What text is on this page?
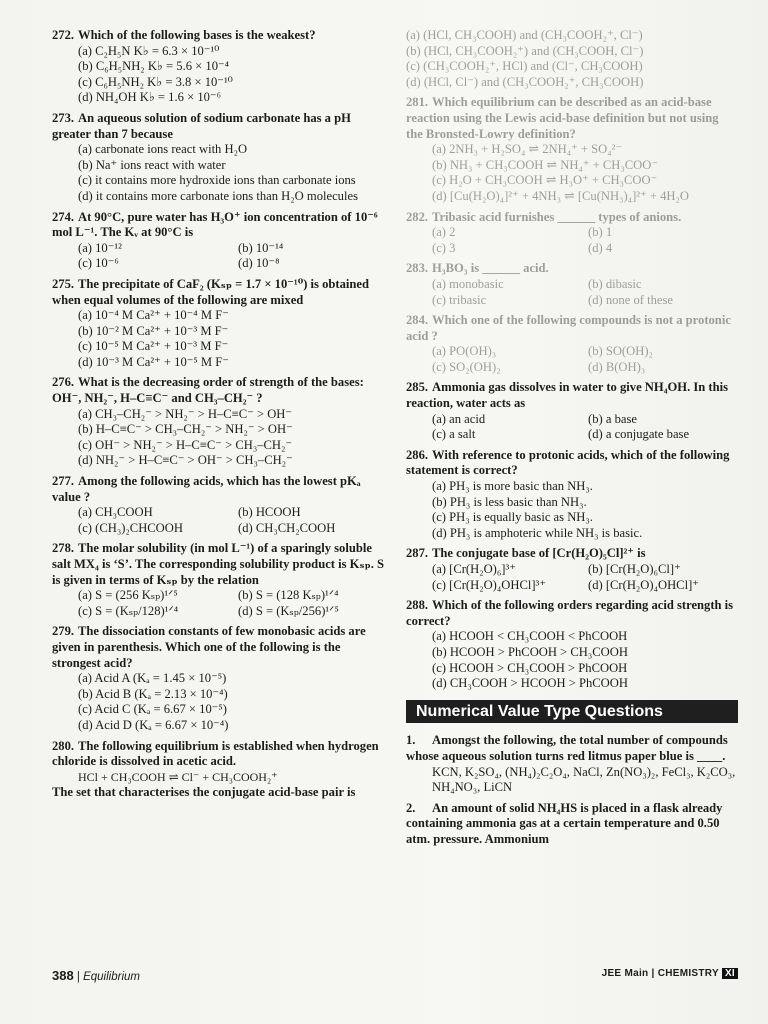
272. Which of the following bases is the weakest?
(a) C₂H₅N K♭ = 6.3 × 10⁻¹⁰
(b) C₆H₅NH₂ K♭ = 5.6 × 10⁻⁴
(c) C₆H₅NH₂ K♭ = 3.8 × 10⁻¹⁰
(d) NH₄OH K♭ = 1.6 × 10⁻⁶
273. An aqueous solution of sodium carbonate has a pH greater than 7 because
(a) carbonate ions react with H₂O
(b) Na⁺ ions react with water
(c) it contains more hydroxide ions than carbonate ions
(d) it contains more carbonate ions than H₂O molecules
274. At 90°C, pure water has H₃O⁺ ion concentration of 10⁻⁶ mol L⁻¹. The Kᵥ at 90°C is
(a) 10⁻¹²	(b) 10⁻¹⁴
(c) 10⁻⁶	(d) 10⁻⁸
275. The precipitate of CaF₂ (Kₛₚ = 1.7 × 10⁻¹⁰) is obtained when equal volumes of the following are mixed
(a) 10⁻⁴ M Ca²⁺ + 10⁻⁴ M F⁻
(b) 10⁻² M Ca²⁺ + 10⁻³ M F⁻
(c) 10⁻⁵ M Ca²⁺ + 10⁻³ M F⁻
(d) 10⁻³ M Ca²⁺ + 10⁻⁵ M F⁻
276. What is the decreasing order of strength of the bases: OH⁻, NH₂⁻, H–C≡C⁻ and CH₃–CH₂⁻ ?
(a) CH₃–CH₂⁻ > NH₂⁻ > H–C≡C⁻ > OH⁻
(b) H–C≡C⁻ > CH₃–CH₂⁻ > NH₂⁻ > OH⁻
(c) OH⁻ > NH₂⁻ > H–C≡C⁻ > CH₃–CH₂⁻
(d) NH₂⁻ > H–C≡C⁻ > OH⁻ > CH₃–CH₂⁻
277. Among the following acids, which has the lowest pKₐ value ?
(a) CH₃COOH	(b) HCOOH
(c) (CH₃)₂CHCOOH	(d) CH₃CH₂COOH
278. The molar solubility (in mol L⁻¹) of a sparingly soluble salt MX₄ is ‘S’. The corresponding solubility product is Kₛₚ. S is given in terms of Kₛₚ by the relation
(a) S = (256 Kₛₚ)¹ᐟ⁵	(b) S = (128 Kₛₚ)¹ᐟ⁴
(c) S = (Kₛₚ/128)¹ᐟ⁴	(d) S = (Kₛₚ/256)¹ᐟ⁵
279. The dissociation constants of few monobasic acids are given in parenthesis. Which one of the following is the strongest acid?
(a) Acid A (Kₐ = 1.45 × 10⁻⁵)
(b) Acid B (Kₐ = 2.13 × 10⁻⁴)
(c) Acid C (Kₐ = 6.67 × 10⁻⁵)
(d) Acid D (Kₐ = 6.67 × 10⁻⁴)
280. The following equilibrium is established when hydrogen chloride is dissolved in acetic acid.
HCl + CH₃COOH ⇌ Cl⁻ + CH₃COOH₂⁺
The set that characterises the conjugate acid-base pair is
(a) (HCl, CH₃COOH) and (CH₃COOH₂⁺, Cl⁻)
(b) (HCl, CH₃COOH₂⁺) and (CH₃COOH, Cl⁻)
(c) (CH₃COOH₂⁺, HCl) and (Cl⁻, CH₃COOH)
(d) (HCl, Cl⁻) and (CH₃COOH₂⁺, CH₃COOH)
281. Which equilibrium can be described as an acid-base reaction using the Lewis acid-base definition but not using the Bronsted-Lowry definition?
(a) 2NH₃ + H₂SO₄ ⇌ 2NH₄⁺ + SO₄²⁻
(b) NH₃ + CH₃COOH ⇌ NH₄⁺ + CH₃COO⁻
(c) H₂O + CH₃COOH ⇌ H₃O⁺ + CH₃COO⁻
(d) [Cu(H₂O)₄]²⁺ + 4NH₃ ⇌ [Cu(NH₃)₄]²⁺ + 4H₂O
282. Tribasic acid furnishes ______ types of anions.
(a) 2	(b) 1
(c) 3	(d) 4
283. H₃BO₃ is ______ acid.
(a) monobasic	(b) dibasic
(c) tribasic	(d) none of these
284. Which one of the following compounds is not a protonic acid ?
(a) PO(OH)₃	(b) SO(OH)₂
(c) SO₂(OH)₂	(d) B(OH)₃
285. Ammonia gas dissolves in water to give NH₄OH. In this reaction, water acts as
(a) an acid	(b) a base
(c) a salt	(d) a conjugate base
286. With reference to protonic acids, which of the following statement is correct?
(a) PH₃ is more basic than NH₃.
(b) PH₃ is less basic than NH₃.
(c) PH₃ is equally basic as NH₃.
(d) PH₃ is amphoteric while NH₃ is basic.
287. The conjugate base of [Cr(H₂O)₅Cl]²⁺ is
(a) [Cr(H₂O)₆]³⁺	(b) [Cr(H₂O)₆Cl]⁺
(c) [Cr(H₂O)₄OHCl]³⁺	(d) [Cr(H₂O)₄OHCl]⁺
288. Which of the following orders regarding acid strength is correct?
(a) HCOOH < CH₃COOH < PhCOOH
(b) HCOOH > PhCOOH > CH₃COOH
(c) HCOOH > CH₃COOH > PhCOOH
(d) CH₃COOH > HCOOH > PhCOOH
Numerical Value Type Questions
1. Amongst the following, the total number of compounds whose aqueous solution turns red litmus paper blue is ____.
KCN, K₂SO₄, (NH₄)₂C₂O₄, NaCl, Zn(NO₃)₂, FeCl₃, K₂CO₃, NH₄NO₃, LiCN
2. An amount of solid NH₄HS is placed in a flask already containing ammonia gas at a certain temperature and 0.50 atm. pressure. Ammonium
388 | Equilibrium	JEE Main | CHEMISTRY XI
